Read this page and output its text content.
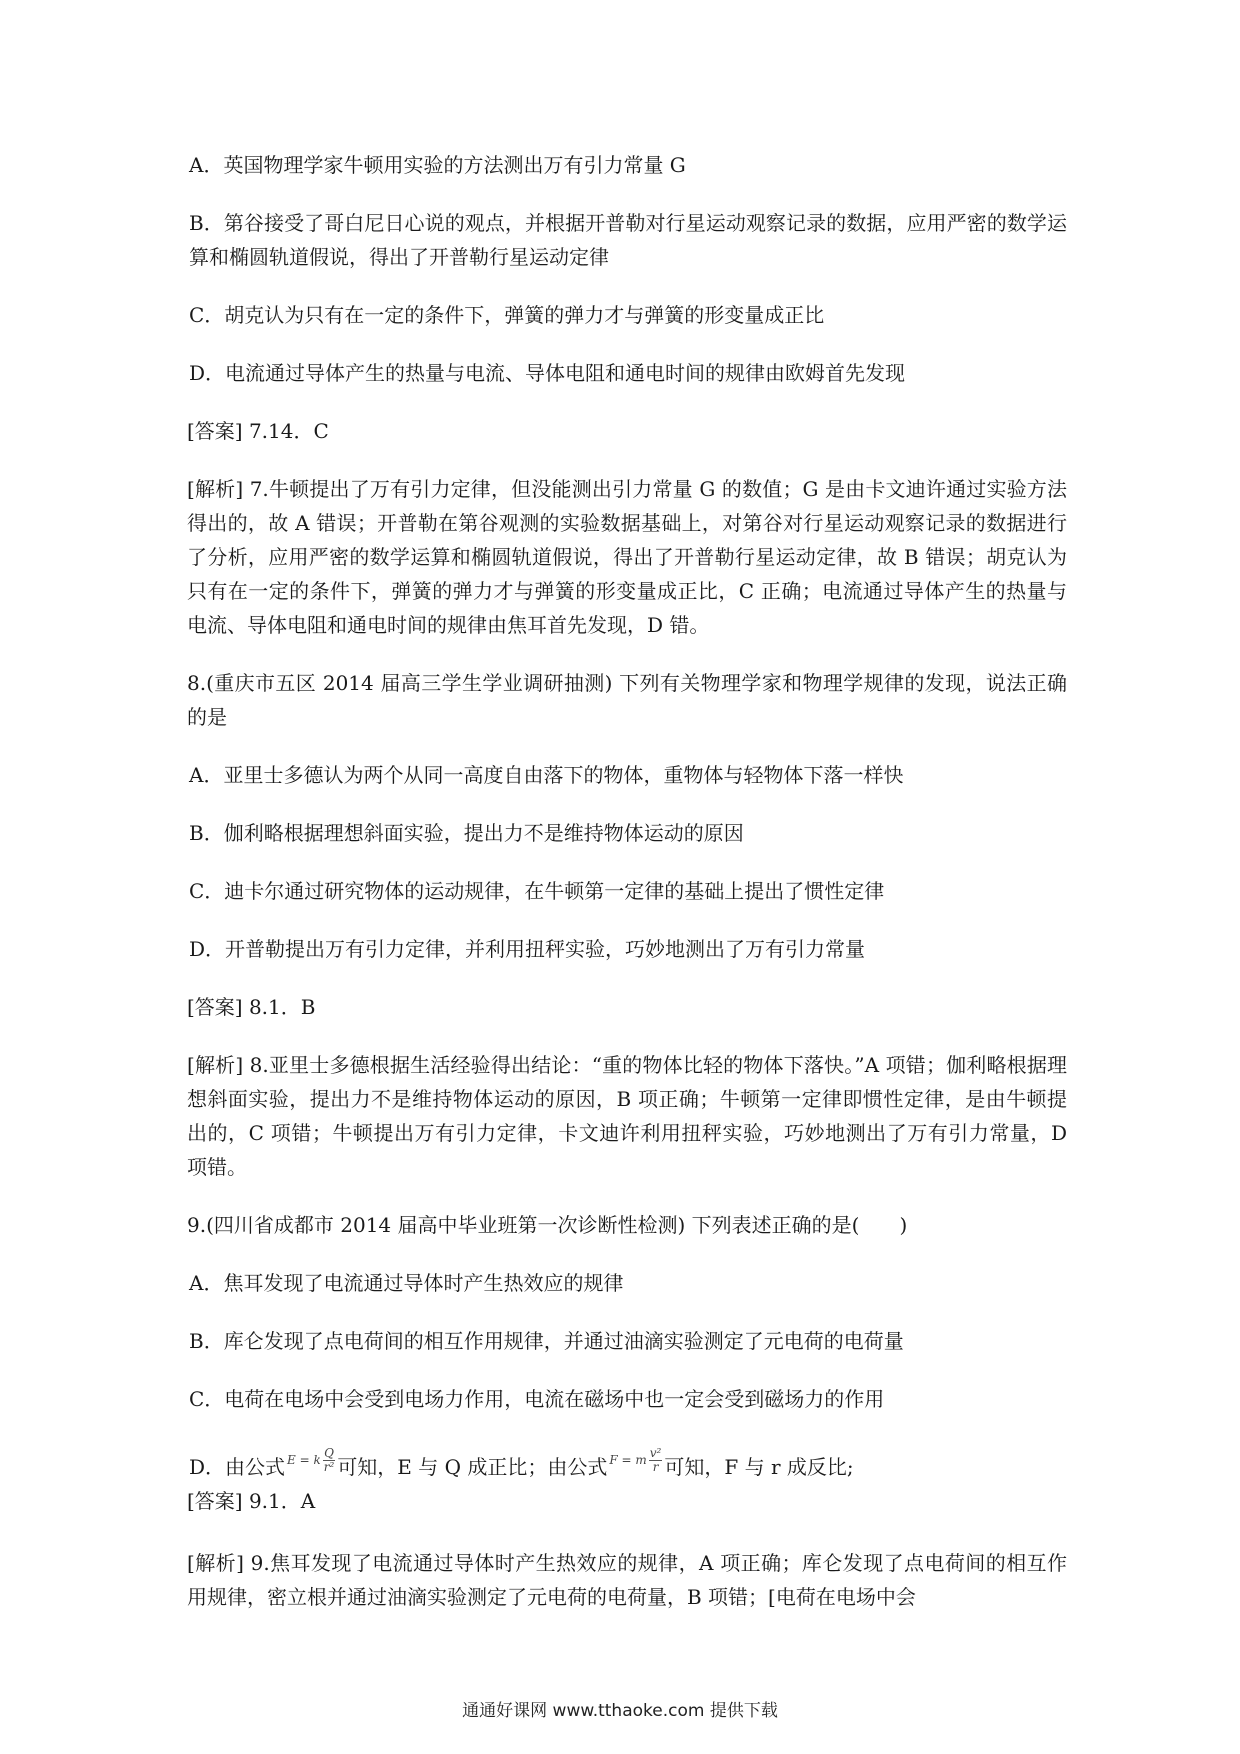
A．英国物理学家牛顿用实验的方法测出万有引力常量 G

B．第谷接受了哥白尼日心说的观点，并根据开普勒对行星运动观察记录的数据，应用严密的数学运算和椭圆轨道假说，得出了开普勒行星运动定律

C．胡克认为只有在一定的条件下，弹簧的弹力才与弹簧的形变量成正比

D．电流通过导体产生的热量与电流、导体电阻和通电时间的规律由欧姆首先发现

[答案] 7.14．C

[解析] 7.牛顿提出了万有引力定律，但没能测出引力常量 G 的数值；G 是由卡文迪许通过实验方法得出的，故 A 错误；开普勒在第谷观测的实验数据基础上，对第谷对行星运动观察记录的数据进行了分析，应用严密的数学运算和椭圆轨道假说，得出了开普勒行星运动定律，故 B 错误；胡克认为只有在一定的条件下，弹簧的弹力才与弹簧的形变量成正比，C 正确；电流通过导体产生的热量与电流、导体电阻和通电时间的规律由焦耳首先发现，D 错。

8.(重庆市五区 2014 届高三学生学业调研抽测) 下列有关物理学家和物理学规律的发现，说法正确的是

A．亚里士多德认为两个从同一高度自由落下的物体，重物体与轻物体下落一样快

B．伽利略根据理想斜面实验，提出力不是维持物体运动的原因

C．迪卡尔通过研究物体的运动规律，在牛顿第一定律的基础上提出了惯性定律

D．开普勒提出万有引力定律，并利用扭秤实验，巧妙地测出了万有引力常量

[答案] 8.1．B

[解析] 8.亚里士多德根据生活经验得出结论：“重的物体比轻的物体下落快。”A 项错；伽利略根据理想斜面实验，提出力不是维持物体运动的原因，B 项正确；牛顿第一定律即惯性定律，是由牛顿提出的，C 项错；牛顿提出万有引力定律，卡文迪许利用扭秤实验，巧妙地测出了万有引力常量，D 项错。

9.(四川省成都市 2014 届高中毕业班第一次诊断性检测) 下列表述正确的是(　　)

A．焦耳发现了电流通过导体时产生热效应的规律

B．库仑发现了点电荷间的相互作用规律，并通过油滴实验测定了元电荷的电荷量

C．电荷在电场中会受到电场力作用，电流在磁场中也一定会受到磁场力的作用

D．由公式 E = k $\frac{Q}{\text{r²}}$ 可知，E 与 Q 成正比；由公式 F = m $\frac{\text{v²}}{r}$ 可知，F 与 r 成反比;

[答案] 9.1．A

[解析] 9.焦耳发现了电流通过导体时产生热效应的规律，A 项正确；库仑发现了点电荷间的相互作用规律，密立根并通过油滴实验测定了元电荷的电荷量，B 项错；[电荷在电场中会

通通好课网 www.tthaoke.com 提供下载
